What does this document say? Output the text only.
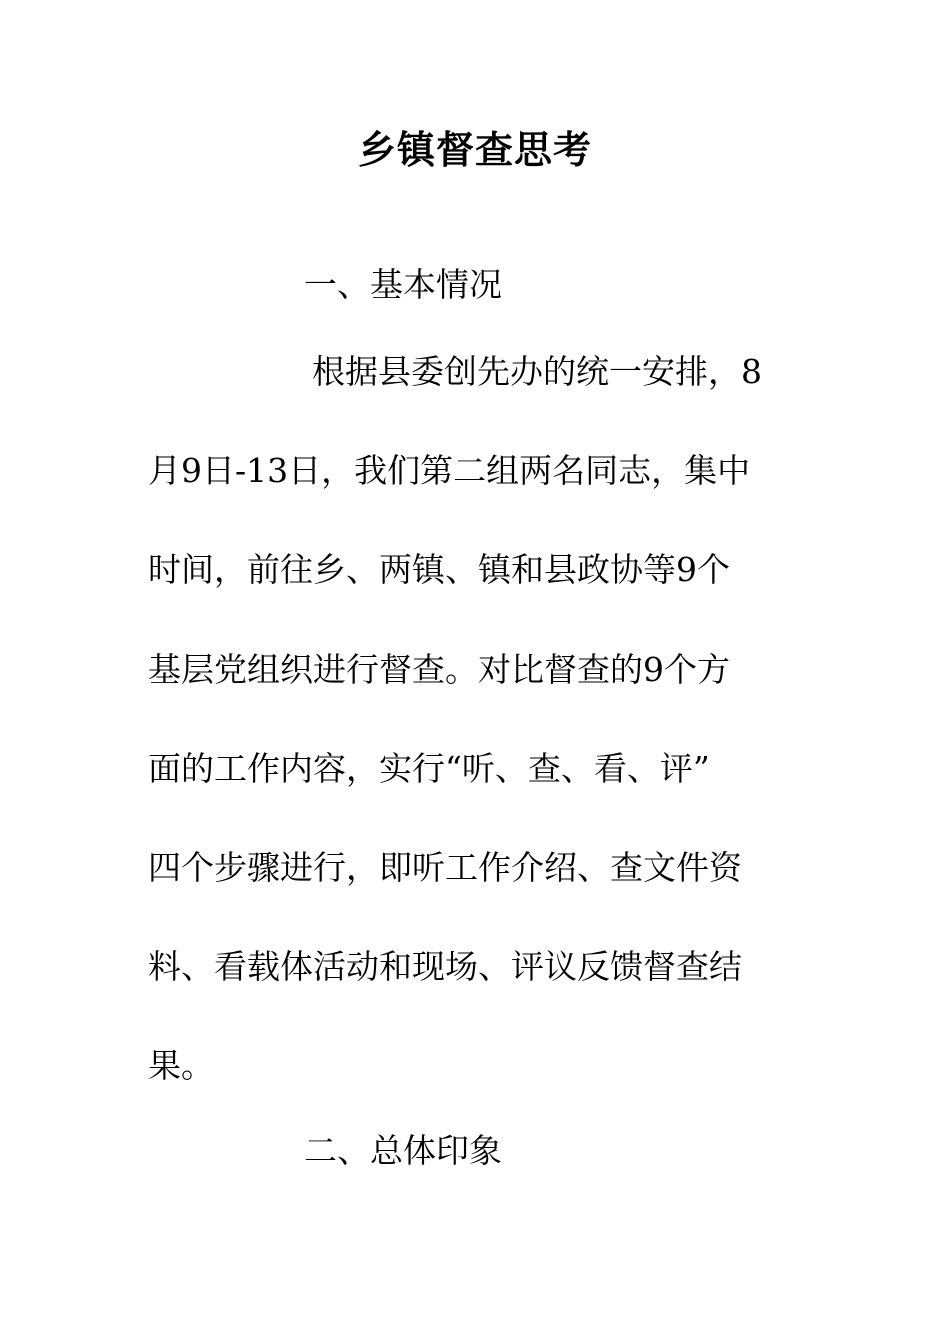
乡镇督查思考
一、基本情况
根据县委创先办的统一安排，8
月9日-13日，我们第二组两名同志，集中
时间，前往乡、两镇、镇和县政协等9个
基层党组织进行督查。对比督查的9个方
面的工作内容，实行“听、查、看、评”
四个步骤进行，即听工作介绍、查文件资
料、看载体活动和现场、评议反馈督查结
果。
二、总体印象
